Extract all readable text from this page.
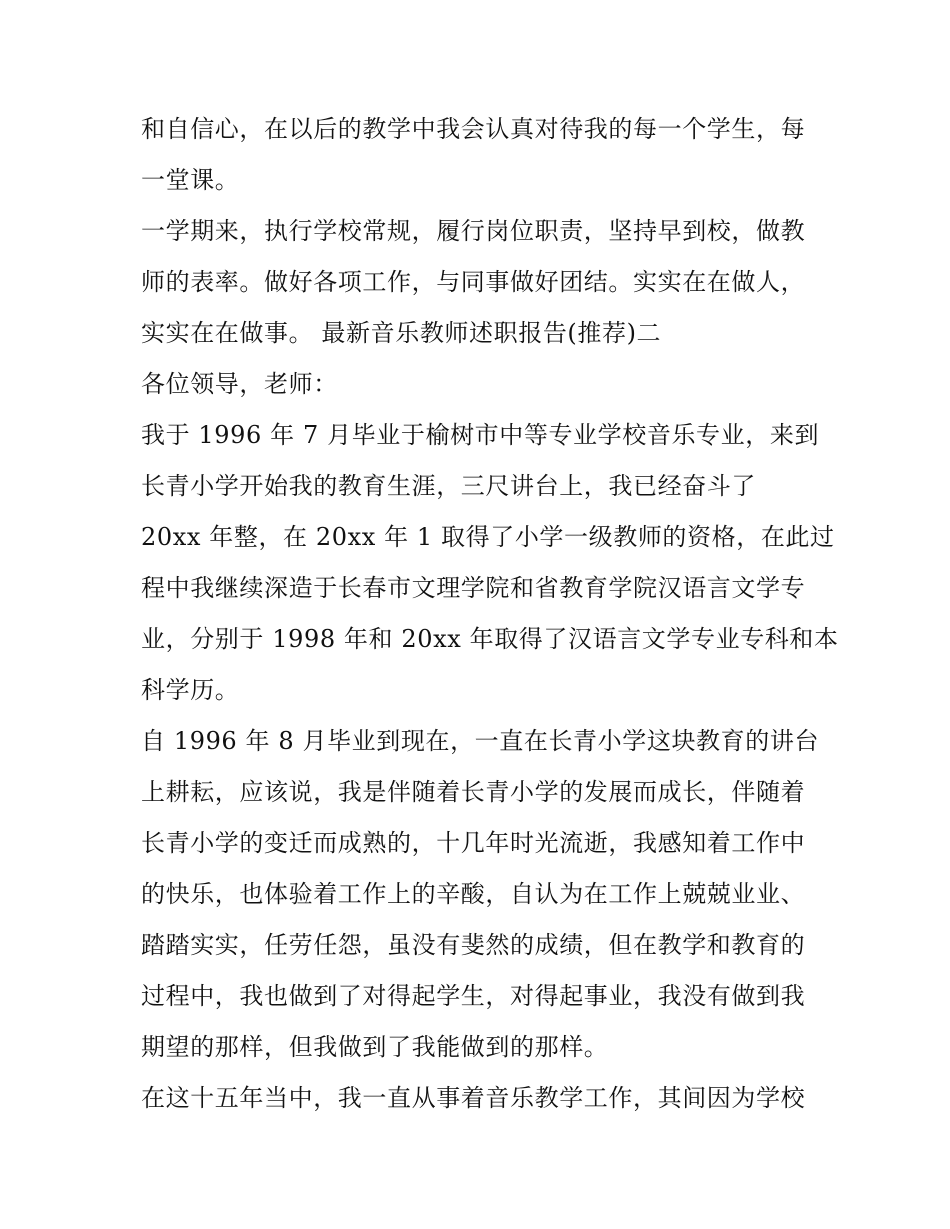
和自信心，在以后的教学中我会认真对待我的每一个学生，每
一堂课。
一学期来，执行学校常规，履行岗位职责，坚持早到校，做教
师的表率。做好各项工作，与同事做好团结。实实在在做人，
实实在在做事。 最新音乐教师述职报告(推荐)二
各位领导，老师：
我于 1996 年 7 月毕业于榆树市中等专业学校音乐专业，来到
长青小学开始我的教育生涯，三尺讲台上，我已经奋斗了
20xx 年整，在 20xx 年 1 取得了小学一级教师的资格，在此过
程中我继续深造于长春市文理学院和省教育学院汉语言文学专
业，分别于 1998 年和 20xx 年取得了汉语言文学专业专科和本
科学历。
自 1996 年 8 月毕业到现在，一直在长青小学这块教育的讲台
上耕耘，应该说，我是伴随着长青小学的发展而成长，伴随着
长青小学的变迁而成熟的，十几年时光流逝，我感知着工作中
的快乐，也体验着工作上的辛酸，自认为在工作上兢兢业业、
踏踏实实，任劳任怨，虽没有斐然的成绩，但在教学和教育的
过程中，我也做到了对得起学生，对得起事业，我没有做到我
期望的那样，但我做到了我能做到的那样。
在这十五年当中，我一直从事着音乐教学工作，其间因为学校
